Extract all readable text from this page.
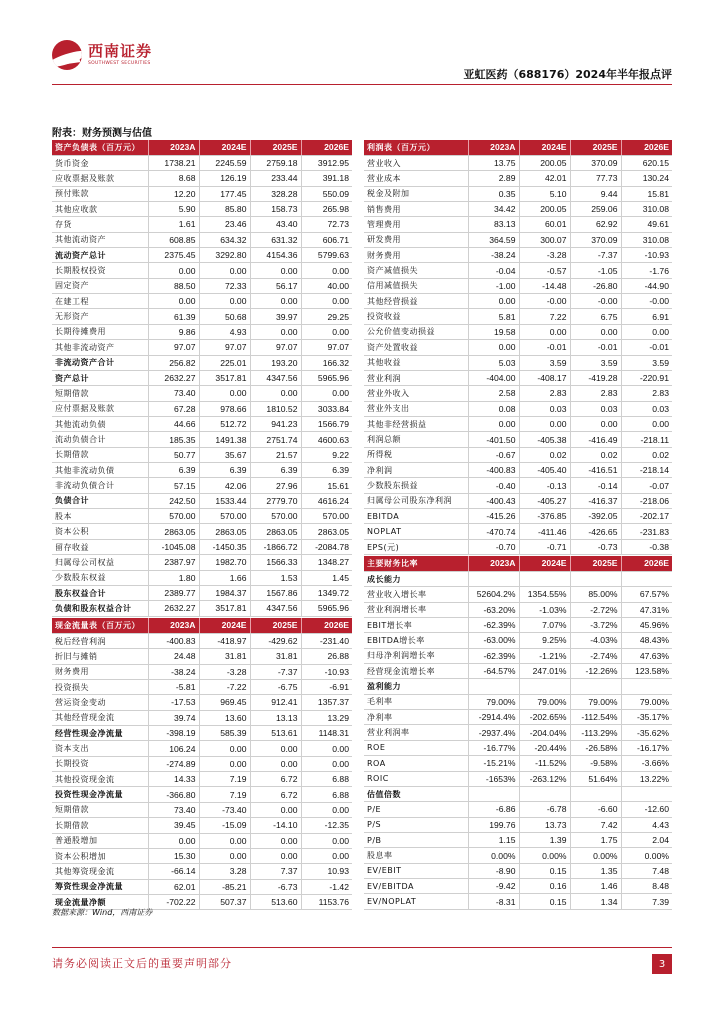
西南证券
SOUTHWEST SECURITIES
亚虹医药（688176）2024年半年报点评
附表：财务预测与估值
资产负债表（百万元）	2023A	2024E	2025E	2026E
货币资金	1738.21	2245.59	2759.18	3912.95
应收票据及账款	8.68	126.19	233.44	391.18
预付账款	12.20	177.45	328.28	550.09
其他应收款	5.90	85.80	158.73	265.98
存货	1.61	23.46	43.40	72.73
其他流动资产	608.85	634.32	631.32	606.71
流动资产总计	2375.45	3292.80	4154.36	5799.63
长期股权投资	0.00	0.00	0.00	0.00
固定资产	88.50	72.33	56.17	40.00
在建工程	0.00	0.00	0.00	0.00
无形资产	61.39	50.68	39.97	29.25
长期待摊费用	9.86	4.93	0.00	0.00
其他非流动资产	97.07	97.07	97.07	97.07
非流动资产合计	256.82	225.01	193.20	166.32
资产总计	2632.27	3517.81	4347.56	5965.96
短期借款	73.40	0.00	0.00	0.00
应付票据及账款	67.28	978.66	1810.52	3033.84
其他流动负债	44.66	512.72	941.23	1566.79
流动负债合计	185.35	1491.38	2751.74	4600.63
长期借款	50.77	35.67	21.57	9.22
其他非流动负债	6.39	6.39	6.39	6.39
非流动负债合计	57.15	42.06	27.96	15.61
负债合计	242.50	1533.44	2779.70	4616.24
股本	570.00	570.00	570.00	570.00
资本公积	2863.05	2863.05	2863.05	2863.05
留存收益	-1045.08	-1450.35	-1866.72	-2084.78
归属母公司权益	2387.97	1982.70	1566.33	1348.27
少数股东权益	1.80	1.66	1.53	1.45
股东权益合计	2389.77	1984.37	1567.86	1349.72
负债和股东权益合计	2632.27	3517.81	4347.56	5965.96
利润表（百万元）	2023A	2024E	2025E	2026E
营业收入	13.75	200.05	370.09	620.15
营业成本	2.89	42.01	77.73	130.24
税金及附加	0.35	5.10	9.44	15.81
销售费用	34.42	200.05	259.06	310.08
管理费用	83.13	60.01	62.92	49.61
研发费用	364.59	300.07	370.09	310.08
财务费用	-38.24	-3.28	-7.37	-10.93
资产减值损失	-0.04	-0.57	-1.05	-1.76
信用减值损失	-1.00	-14.48	-26.80	-44.90
其他经营损益	0.00	-0.00	-0.00	-0.00
投资收益	5.81	7.22	6.75	6.91
公允价值变动损益	19.58	0.00	0.00	0.00
资产处置收益	0.00	-0.01	-0.01	-0.01
其他收益	5.03	3.59	3.59	3.59
营业利润	-404.00	-408.17	-419.28	-220.91
营业外收入	2.58	2.83	2.83	2.83
营业外支出	0.08	0.03	0.03	0.03
其他非经营损益	0.00	0.00	0.00	0.00
利润总额	-401.50	-405.38	-416.49	-218.11
所得税	-0.67	0.02	0.02	0.02
净利润	-400.83	-405.40	-416.51	-218.14
少数股东损益	-0.40	-0.13	-0.14	-0.07
归属母公司股东净利润	-400.43	-405.27	-416.37	-218.06
EBITDA	-415.26	-376.85	-392.05	-202.17
NOPLAT	-470.74	-411.46	-426.65	-231.83
EPS(元)	-0.70	-0.71	-0.73	-0.38
现金流量表（百万元）	2023A	2024E	2025E	2026E
税后经营利润	-400.83	-418.97	-429.62	-231.40
折旧与摊销	24.48	31.81	31.81	26.88
财务费用	-38.24	-3.28	-7.37	-10.93
投资损失	-5.81	-7.22	-6.75	-6.91
营运资金变动	-17.53	969.45	912.41	1357.37
其他经营现金流	39.74	13.60	13.13	13.29
经营性现金净流量	-398.19	585.39	513.61	1148.31
资本支出	106.24	0.00	0.00	0.00
长期投资	-274.89	0.00	0.00	0.00
其他投资现金流	14.33	7.19	6.72	6.88
投资性现金净流量	-366.80	7.19	6.72	6.88
短期借款	73.40	-73.40	0.00	0.00
长期借款	39.45	-15.09	-14.10	-12.35
普通股增加	0.00	0.00	0.00	0.00
资本公积增加	15.30	0.00	0.00	0.00
其他筹资现金流	-66.14	3.28	7.37	10.93
筹资性现金净流量	62.01	-85.21	-6.73	-1.42
现金流量净额	-702.22	507.37	513.60	1153.76
主要财务比率	2023A	2024E	2025E	2026E
成长能力				
营业收入增长率	52604.2%	1354.55%	85.00%	67.57%
营业利润增长率	-63.20%	-1.03%	-2.72%	47.31%
EBIT增长率	-62.39%	7.07%	-3.72%	45.96%
EBITDA增长率	-63.00%	9.25%	-4.03%	48.43%
归母净利润增长率	-62.39%	-1.21%	-2.74%	47.63%
经营现金流增长率	-64.57%	247.01%	-12.26%	123.58%
盈利能力				
毛利率	79.00%	79.00%	79.00%	79.00%
净利率	-2914.4%	-202.65%	-112.54%	-35.17%
营业利润率	-2937.4%	-204.04%	-113.29%	-35.62%
ROE	-16.77%	-20.44%	-26.58%	-16.17%
ROA	-15.21%	-11.52%	-9.58%	-3.66%
ROIC	-1653%	-263.12%	51.64%	13.22%
估值倍数				
P/E	-6.86	-6.78	-6.60	-12.60
P/S	199.76	13.73	7.42	4.43
P/B	1.15	1.39	1.75	2.04
股息率	0.00%	0.00%	0.00%	0.00%
EV/EBIT	-8.90	0.15	1.35	7.48
EV/EBITDA	-9.42	0.16	1.46	8.48
EV/NOPLAT	-8.31	0.15	1.34	7.39
数据来源：Wind，西南证券
请务必阅读正文后的重要声明部分	3
